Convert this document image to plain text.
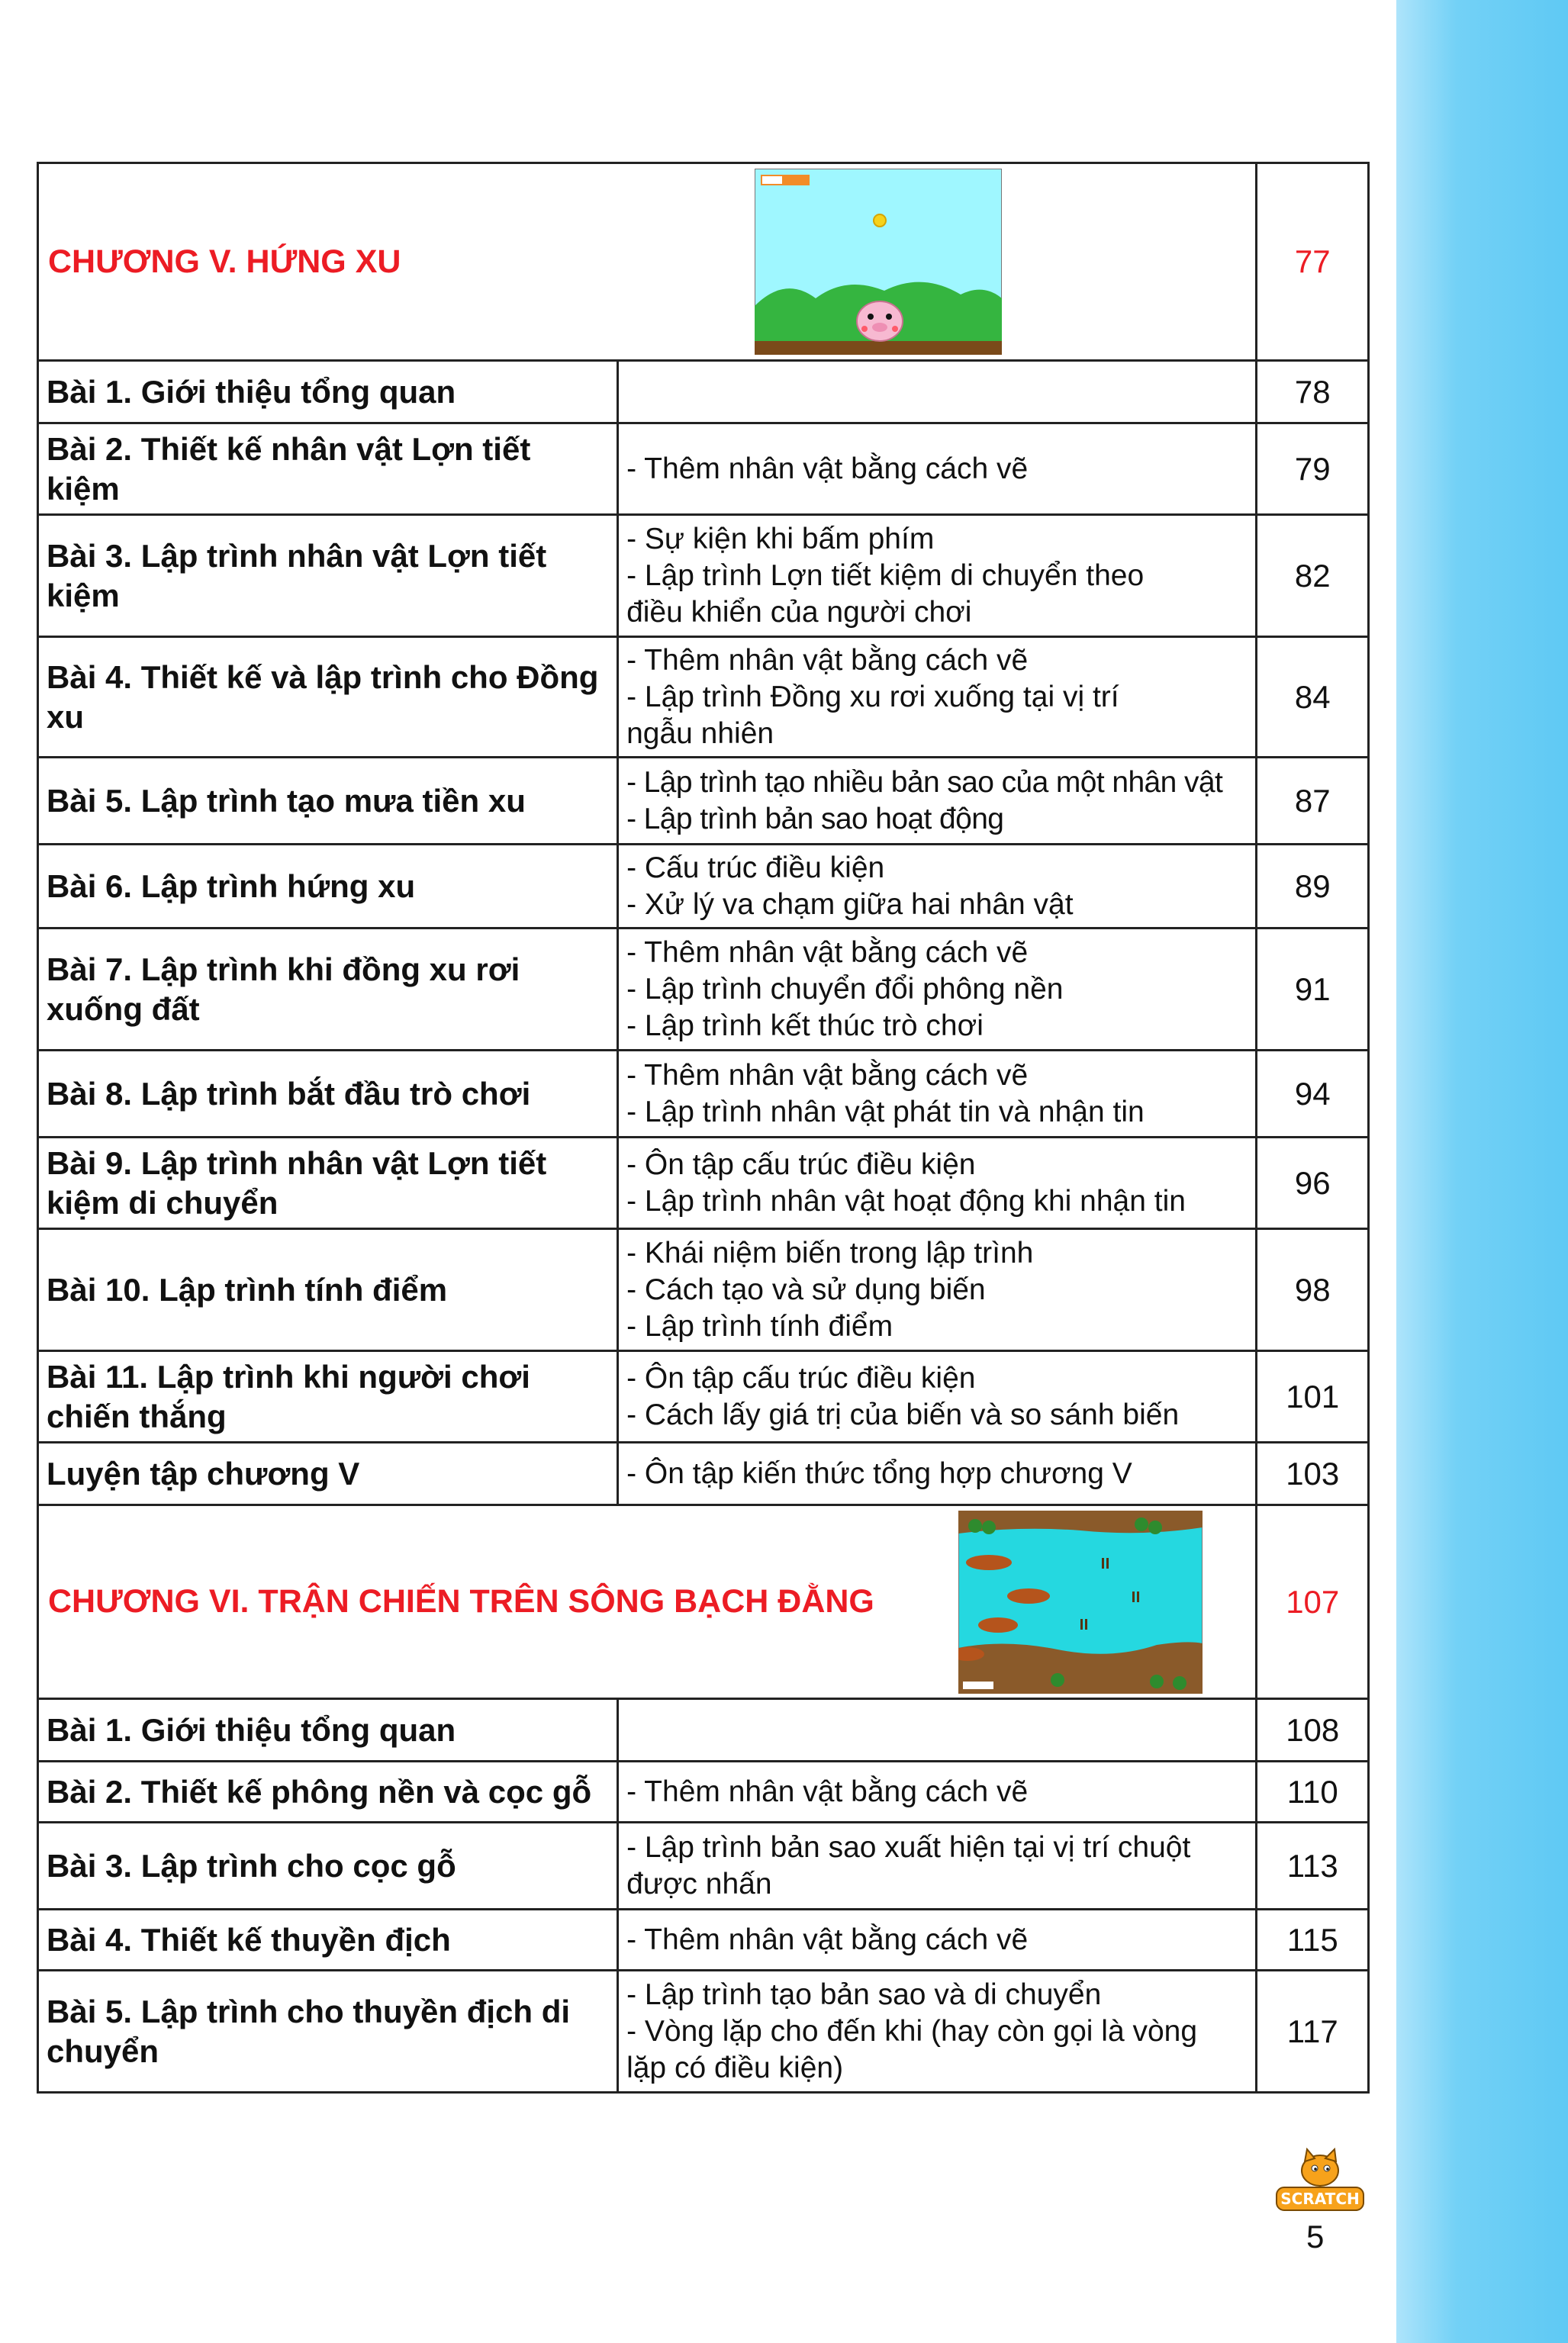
CHƯƠNG V. HỨNG XU		77
Bài 1. Giới thiệu tổng quan		78
Bài 2. Thiết kế nhân vật Lợn tiết kiệm	- Thêm nhân vật bằng cách vẽ	79
Bài 3. Lập trình nhân vật Lợn tiết kiệm	- Sự kiện khi bấm phím
- Lập trình Lợn tiết kiệm di chuyển theo
điều khiển của người chơi	82
Bài 4. Thiết kế và lập trình cho Đồng xu	- Thêm nhân vật bằng cách vẽ
- Lập trình Đồng xu rơi xuống tại vị trí
ngẫu nhiên	84
Bài 5. Lập trình tạo mưa tiền xu	- Lập trình tạo nhiều bản sao của một nhân vật
- Lập trình bản sao hoạt động	87
Bài 6. Lập trình hứng xu	- Cấu trúc điều kiện
- Xử lý va chạm giữa hai nhân vật	89
Bài 7. Lập trình khi đồng xu rơi xuống đất	- Thêm nhân vật bằng cách vẽ
- Lập trình chuyển đổi phông nền
- Lập trình kết thúc trò chơi	91
Bài 8. Lập trình bắt đầu trò chơi	- Thêm nhân vật bằng cách vẽ
- Lập trình nhân vật phát tin và nhận tin	94
Bài 9. Lập trình nhân vật Lợn tiết kiệm di chuyển	- Ôn tập cấu trúc điều kiện
- Lập trình nhân vật hoạt động khi nhận tin	96
Bài 10. Lập trình tính điểm	- Khái niệm biến trong lập trình
- Cách tạo và sử dụng biến
- Lập trình tính điểm	98
Bài 11. Lập trình khi người chơi chiến thắng	- Ôn tập cấu trúc điều kiện
- Cách lấy giá trị của biến và so sánh biến	101
Luyện tập chương V	- Ôn tập kiến thức tổng hợp chương V	103
CHƯƠNG VI. TRẬN CHIẾN TRÊN SÔNG BẠCH ĐẰNG		107
Bài 1. Giới thiệu tổng quan		108
Bài 2. Thiết kế phông nền và cọc gỗ	- Thêm nhân vật bằng cách vẽ	110
Bài 3. Lập trình cho cọc gỗ	- Lập trình bản sao xuất hiện tại vị trí chuột
được nhấn	113
Bài 4. Thiết kế thuyền địch	- Thêm nhân vật bằng cách vẽ	115
Bài 5. Lập trình cho thuyền địch di chuyển	- Lập trình tạo bản sao và di chuyển
- Vòng lặp cho đến khi (hay còn gọi là vòng
lặp có điều kiện)	117
SCRATCH
5
